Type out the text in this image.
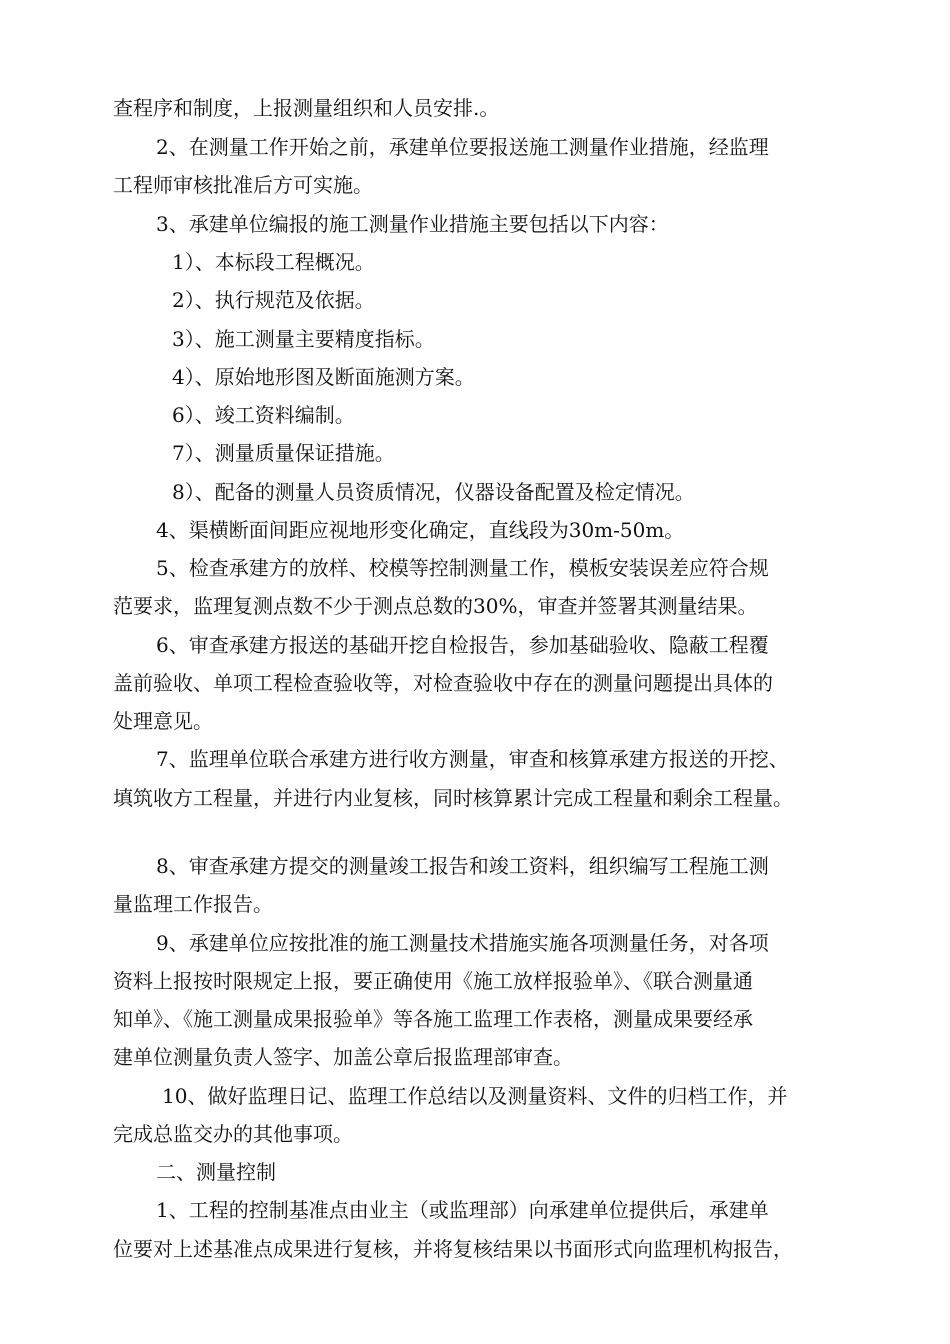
查程序和制度，上报测量组织和人员安排.。
2、在测量工作开始之前，承建单位要报送施工测量作业措施，经监理
工程师审核批准后方可实施。
3、承建单位编报的施工测量作业措施主要包括以下内容：
1）、本标段工程概况。
2）、执行规范及依据。
3）、施工测量主要精度指标。
4）、原始地形图及断面施测方案。
6）、竣工资料编制。
7）、测量质量保证措施。
8）、配备的测量人员资质情况，仪器设备配置及检定情况。
4、渠横断面间距应视地形变化确定，直线段为30m-50m。
5、检查承建方的放样、校模等控制测量工作，模板安装误差应符合规
范要求，监理复测点数不少于测点总数的30%，审查并签署其测量结果。
6、审查承建方报送的基础开挖自检报告，参加基础验收、隐蔽工程覆
盖前验收、单项工程检查验收等，对检查验收中存在的测量问题提出具体的
处理意见。
7、监理单位联合承建方进行收方测量，审查和核算承建方报送的开挖、
填筑收方工程量，并进行内业复核，同时核算累计完成工程量和剩余工程量。
8、审查承建方提交的测量竣工报告和竣工资料，组织编写工程施工测
量监理工作报告。
9、承建单位应按批准的施工测量技术措施实施各项测量任务，对各项
资料上报按时限规定上报，要正确使用《施工放样报验单》、《联合测量通
知单》、《施工测量成果报验单》等各施工监理工作表格，测量成果要经承
建单位测量负责人签字、加盖公章后报监理部审查。
10、做好监理日记、监理工作总结以及测量资料、文件的归档工作，并
完成总监交办的其他事项。
二、测量控制
1、工程的控制基准点由业主（或监理部）向承建单位提供后，承建单
位要对上述基准点成果进行复核，并将复核结果以书面形式向监理机构报告，
